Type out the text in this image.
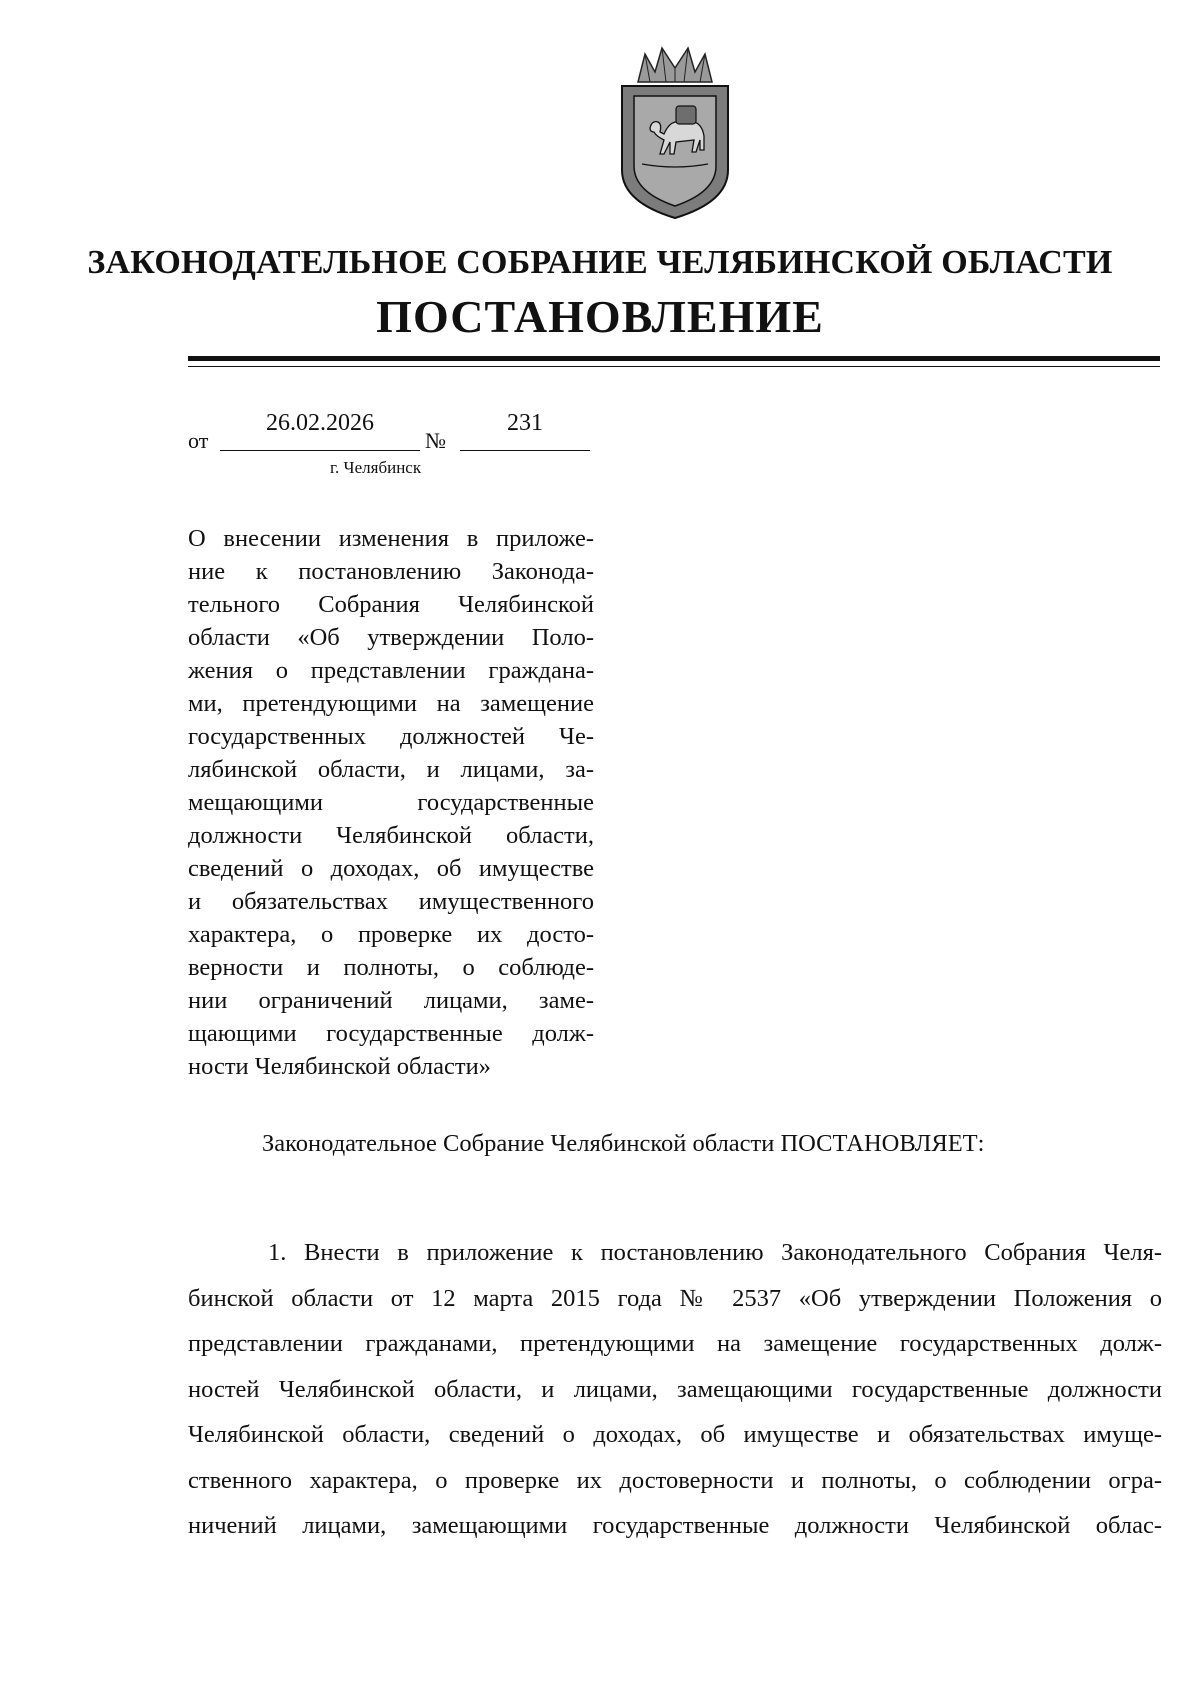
ЗАКОНОДАТЕЛЬНОЕ СОБРАНИЕ ЧЕЛЯБИНСКОЙ ОБЛАСТИ
ПОСТАНОВЛЕНИЕ
от
26.02.2026
№
231
г. Челябинск
О внесении изменения в приложе-
ние к постановлению Законода-
тельного Собрания Челябинской
области «Об утверждении Поло-
жения о представлении граждана-
ми, претендующими на замещение
государственных должностей Че-
лябинской области, и лицами, за-
мещающими государственные
должности Челябинской области,
сведений о доходах, об имуществе
и обязательствах имущественного
характера, о проверке их досто-
верности и полноты, о соблюде-
нии ограничений лицами, заме-
щающими государственные долж-
ности Челябинской области»
Законодательное Собрание Челябинской области ПОСТАНОВЛЯЕТ:
1. Внести в приложение к постановлению Законодательного Собрания Челя-
бинской области от 12 марта 2015 года № 2537 «Об утверждении Положения о
представлении гражданами, претендующими на замещение государственных долж-
ностей Челябинской области, и лицами, замещающими государственные должности
Челябинской области, сведений о доходах, об имуществе и обязательствах имуще-
ственного характера, о проверке их достоверности и полноты, о соблюдении огра-
ничений лицами, замещающими государственные должности Челябинской облас-
